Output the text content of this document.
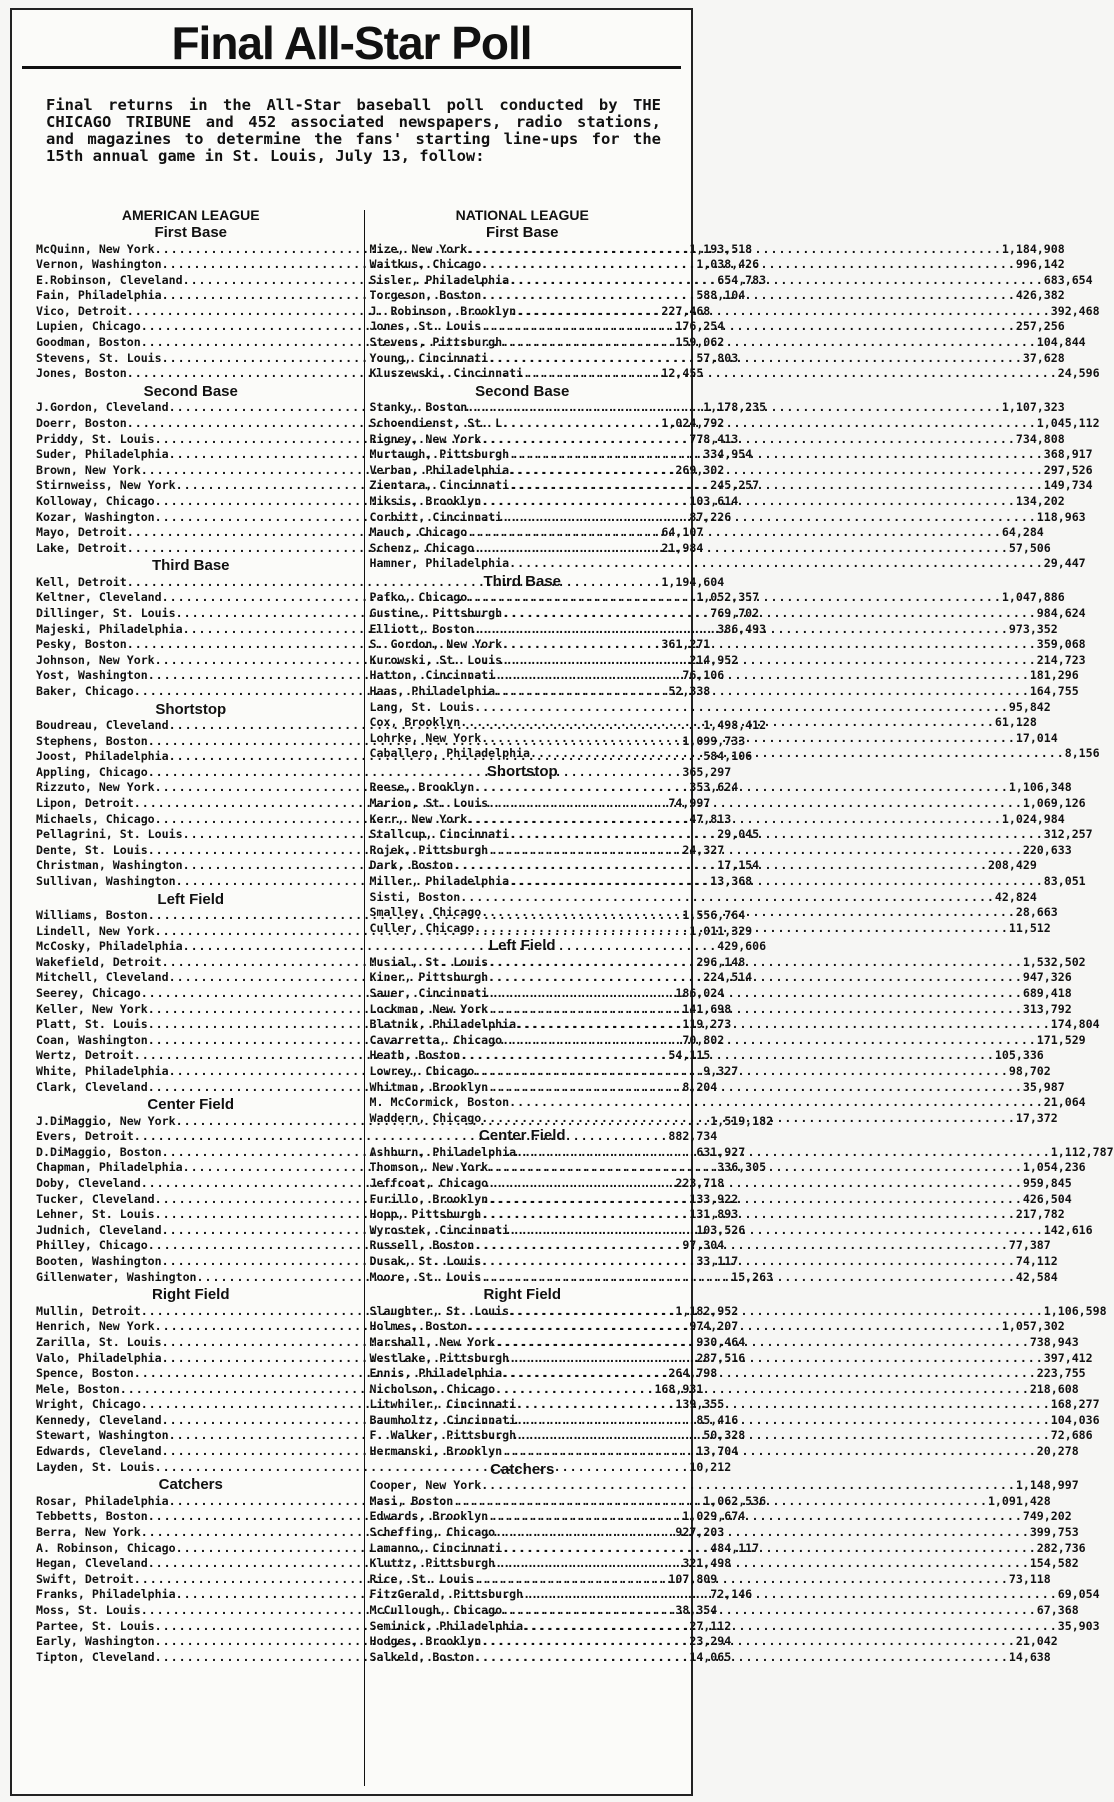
Final All-Star Poll
Final returns in the All-Star baseball poll conducted by THE CHICAGO TRIBUNE and 452 associated newspapers, radio stations, and magazines to determine the fans' starting line-ups for the 15th annual game in St. Louis, July 13, follow:
AMERICAN LEAGUE
First Base
McQuinn, New York .....	1,193,518
Vernon, Washington .....	1,038,426
E.Robinson, Cleveland .....	654,783
Fain, Philadelphia .....	588,104
Vico, Detroit .....	227,468
Lupien, Chicago .....	176,254
Goodman, Boston .....	159,062
Stevens, St. Louis .....	57,803
Jones, Boston .....	12,455
Second Base
J.Gordon, Cleveland .....	1,178,235
Doerr, Boston .....	1,024,792
Priddy, St. Louis .....	778,413
Suder, Philadelphia .....	334,954
Brown, New York .....	269,302
Stirnweiss, New York .....	245,257
Kolloway, Chicago .....	103,614
Kozar, Washington .....	87,226
Mayo, Detroit .....	64,107
Lake, Detroit .....	21,984
Third Base
Kell, Detroit .....	1,194,604
Keltner, Cleveland .....	1,052,357
Dillinger, St. Louis .....	769,702
Majeski, Philadelphia .....	386,493
Pesky, Boston .....	361,271
Johnson, New York .....	214,952
Yost, Washington .....	76,106
Baker, Chicago .....	52,338
Shortstop
Boudreau, Cleveland .....	1,498,412
Stephens, Boston .....	1,099,733
Joost, Philadelphia .....	584,106
Appling, Chicago .....	365,297
Rizzuto, New York .....	353,624
Lipon, Detroit .....	74,997
Michaels, Chicago .....	47,813
Pellagrini, St. Louis .....	29,045
Dente, St. Louis .....	24,327
Christman, Washington .....	17,154
Sullivan, Washington .....	13,368
Left Field
Williams, Boston .....	1,556,764
Lindell, New York .....	1,011,329
McCosky, Philadelphia .....	429,606
Wakefield, Detroit .....	296,148
Mitchell, Cleveland .....	224,514
Seerey, Chicago .....	186,024
Keller, New York .....	141,698
Platt, St. Louis .....	119,273
Coan, Washington .....	70,802
Wertz, Detroit .....	54,115
White, Philadelphia .....	9,327
Clark, Cleveland .....	8,204
Center Field
J.DiMaggio, New York .....	1,519,182
Evers, Detroit .....	882,734
D.DiMaggio, Boston .....	631,927
Chapman, Philadelphia .....	336,305
Doby, Cleveland .....	223,718
Tucker, Cleveland .....	133,922
Lehner, St. Louis .....	131,893
Judnich, Cleveland .....	103,526
Philley, Chicago .....	97,304
Booten, Washington .....	33,117
Gillenwater, Washington .....	15,263
Right Field
Mullin, Detroit .....	1,182,952
Henrich, New York .....	974,207
Zarilla, St. Louis .....	930,464
Valo, Philadelphia .....	287,516
Spence, Boston .....	264,798
Mele, Boston .....	168,931
Wright, Chicago .....	139,355
Kennedy, Cleveland .....	85,416
Stewart, Washington .....	50,328
Edwards, Cleveland .....	13,704
Layden, St. Louis .....	10,212
Catchers
Rosar, Philadelphia .....	1,062,536
Tebbetts, Boston .....	1,029,674
Berra, New York .....	927,203
A. Robinson, Chicago .....	484,117
Hegan, Cleveland .....	321,498
Swift, Detroit .....	107,809
Franks, Philadelphia .....	72,146
Moss, St. Louis .....	38,354
Partee, St. Louis .....	27,112
Early, Washington .....	23,294
Tipton, Cleveland .....	14,065
NATIONAL LEAGUE
First Base
Mize, New York .....	1,184,908
Waitkus, Chicago .....	996,142
Sisler, Philadelphia .....	683,654
Torgeson, Boston .....	426,382
J. Robinson, Brooklyn .....	392,468
Jones, St. Louis .....	257,256
Stevens, Pittsburgh .....	104,844
Young, Cincinnati .....	37,628
Kluszewski, Cincinnati .....	24,596
Second Base
Stanky, Boston .....	1,107,323
Schoendienst, St. L .....	1,045,112
Rigney, New York .....	734,808
Murtaugh, Pittsburgh .....	368,917
Verban, Philadelphia .....	297,526
Zientara, Cincinnati .....	149,734
Miksis, Brooklyn .....	134,202
Corbitt, Cincinnati .....	118,963
Mauch, Chicago .....	64,284
Schenz, Chicago .....	57,506
Hamner, Philadelphia .....	29,447
Third Base
Pafko, Chicago .....	1,047,886
Gustine, Pittsburgh .....	984,624
Elliott, Boston .....	973,352
S. Gordon, New York .....	359,068
Kurowski, St. Louis .....	214,723
Hatton, Cincinnati .....	181,296
Haas, Philadelphia .....	164,755
Lang, St. Louis .....	95,842
Cox, Brooklyn .....	61,128
Lohrke, New York .....	17,014
Caballero, Philadelphia .....	8,156
Shortstop
Reese, Brooklyn .....	1,106,348
Marion, St. Louis .....	1,069,126
Kerr, New York .....	1,024,984
Stallcup, Cincinnati .....	312,257
Rojek, Pittsburgh .....	220,633
Dark, Boston .....	208,429
Miller, Philadelphia .....	83,051
Sisti, Boston .....	42,824
Smalley, Chicago .....	28,663
Culler, Chicago .....	11,512
Left Field
Musial, St. Louis .....	1,532,502
Kiner, Pittsburgh .....	947,326
Sauer, Cincinnati .....	689,418
Lockman, New York .....	313,792
Blatnik, Philadelphia .....	174,804
Cavarretta, Chicago .....	171,529
Heath, Boston .....	105,336
Lowrey, Chicago .....	98,702
Whitman, Brooklyn .....	35,987
M. McCormick, Boston .....	21,064
Waddern, Chicago .....	17,372
Center Field
Ashburn, Philadelphia .....	1,112,787
Thomson, New York .....	1,054,236
Jeffcoat, Chicago .....	959,845
Furillo, Brooklyn .....	426,504
Hopp, Pittsburgh .....	217,782
Wyrostek, Cincinnati .....	142,616
Russell, Boston .....	77,387
Dusak, St. Louis .....	74,112
Moore, St. Louis .....	42,584
Right Field
Slaughter, St. Louis .....	1,106,598
Holmes, Boston .....	1,057,302
Marshall, New York .....	738,943
Westlake, Pittsburgh .....	397,412
Ennis, Philadelphia .....	223,755
Nicholson, Chicago .....	218,608
Litwhiler, Cincinnati .....	168,277
Baumholtz, Cincinnati .....	104,036
F. Walker, Pittsburgh .....	72,686
Hermanski, Brooklyn .....	20,278
Catchers
Cooper, New York .....	1,148,997
Masi, Boston .....	1,091,428
Edwards, Brooklyn .....	749,202
Scheffing, Chicago .....	399,753
Lamanno, Cincinnati .....	282,736
Kluttz, Pittsburgh .....	154,582
Rice, St. Louis .....	73,118
FitzGerald, Pittsburgh .....	69,054
McCullough, Chicago .....	67,368
Seminick, Philadelphia .....	35,903
Hodges, Brooklyn .....	21,042
Salkeld, Boston .....	14,638
